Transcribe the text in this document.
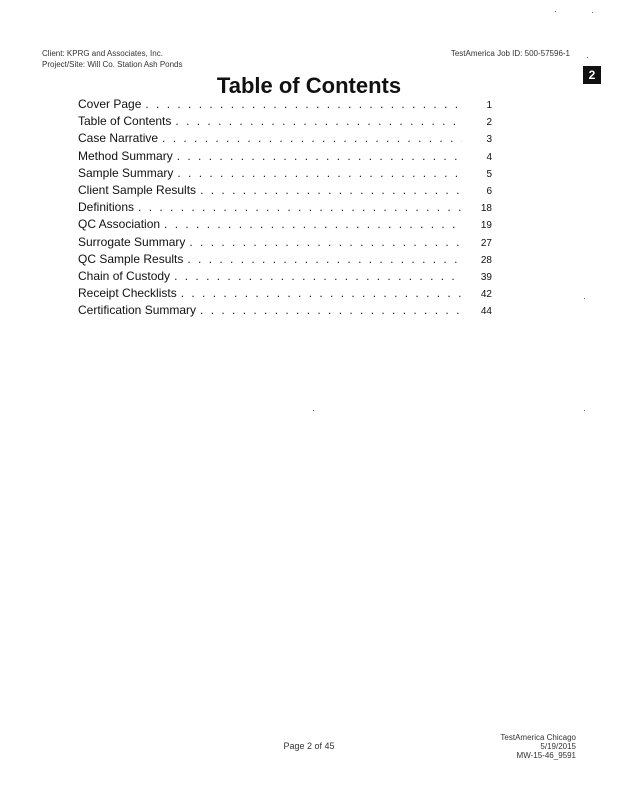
Client: KPRG and Associates, Inc.
Project/Site: Will Co. Station Ash Ponds
TestAmerica Job ID: 500-57596-1
2
Table of Contents
Cover Page . . .	1
Table of Contents . . .	2
Case Narrative . . .	3
Method Summary . . .	4
Sample Summary . . .	5
Client Sample Results . . .	6
Definitions . . .	18
QC Association . . .	19
Surrogate Summary . . .	27
QC Sample Results . . .	28
Chain of Custody . . .	39
Receipt Checklists . . .	42
Certification Summary . . .	44
Page 2 of 45
TestAmerica Chicago
5/19/2015
MW-15-46_9591
